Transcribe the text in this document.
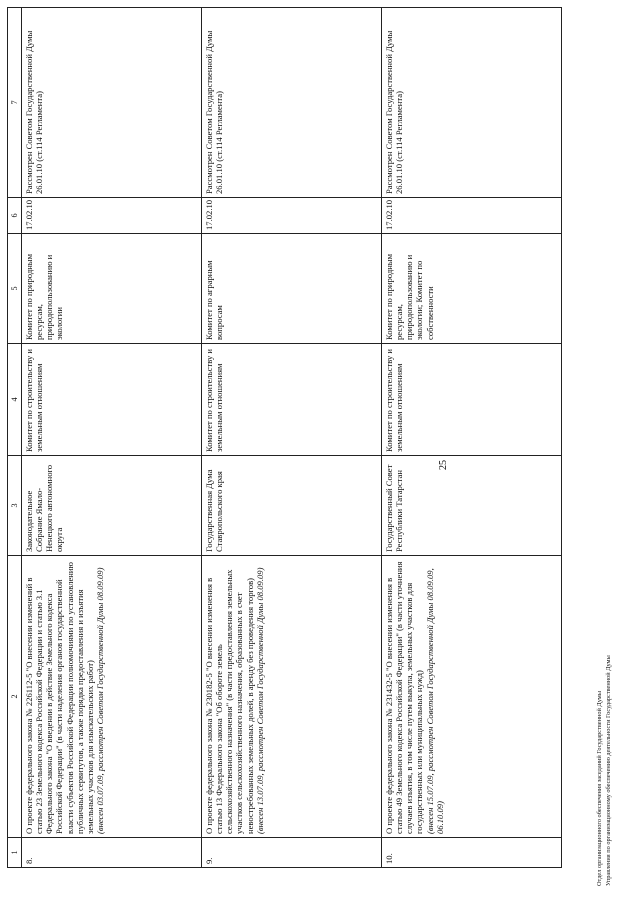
25
1	2	3	4	5	6	7
8.	О проекте федерального закона № 226112-5 "О внесении изменений в статью 23 Земельного кодекса Российской Федерации и статью 3.1 Федерального закона "О введении в действие Земельного кодекса Российской Федерации" (в части наделения органов государственной власти субъектов Российской Федерации полномочиями по установлению публичных сервитутов, а также порядка предоставления и изъятия земельных участков для изыскательских работ) (внесен 03.07.09, рассмотрен Советом Государственной Думы 08.09.09)	Законодательное Собрание Ямало-Ненецкого автономного округа	Комитет по строительству и земельным отношениям	Комитет по природным ресурсам, природопользованию и экологии	17.02.10	Рассмотрен Советом Государственной Думы 26.01.10 (ст.114 Регламента)
9.	О проекте федерального закона № 230182-5 "О внесении изменения в статью 13 Федерального закона "Об обороте земель сельскохозяйственного назначения" (в части предоставления земельных участков сельскохозяйственного назначения, образованных в счет невостребованных земельных долей, в аренду без проведения торгов) (внесен 13.07.09, рассмотрен Советом Государственной Думы 08.09.09)	Государственная Дума Ставропольского края	Комитет по строительству и земельным отношениям	Комитет по аграрным вопросам	17.02.10	Рассмотрен Советом Государственной Думы 26.01.10 (ст.114 Регламента)
10.	О проекте федерального закона № 231432-5 "О внесении изменения в статью 49 Земельного кодекса Российской Федерации" (в части уточнения случаев изъятия, в том числе путем выкупа, земельных участков для государственных или муниципальных нужд) (внесен 15.07.09, рассмотрен Советом Государственной Думы 08.09.09, 06.10.09)	Государственный Совет Республики Татарстан	Комитет по строительству и земельным отношениям	Комитет по природным ресурсам, природопользованию и экологии; Комитет по собственности	17.02.10	Рассмотрен Советом Государственной Думы 26.01.10 (ст.114 Регламента)
Отдел организационного обеспечения заседаний Государственной Думы Управления по организационному обеспечению деятельности Государственной Думы
